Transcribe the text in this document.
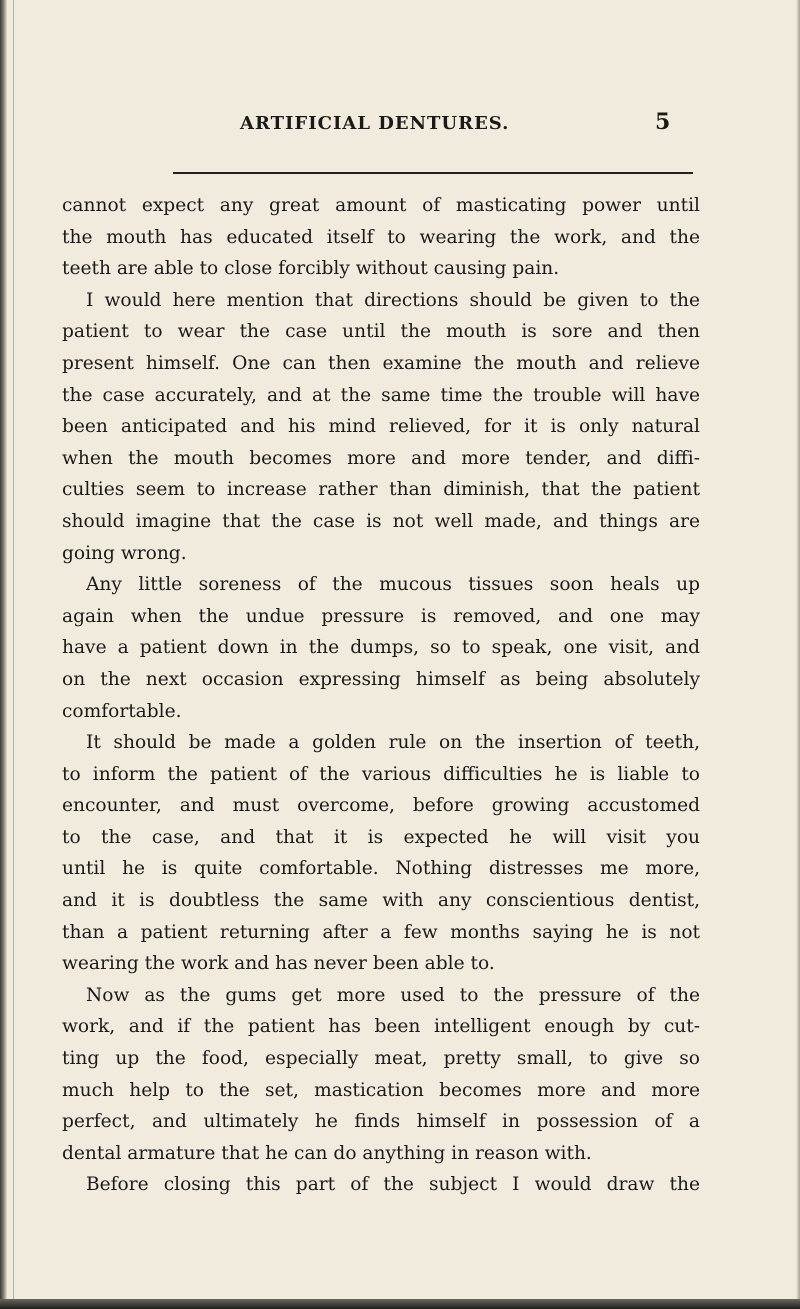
ARTIFICIAL DENTURES.	5
cannot expect any great amount of masticating power until
the mouth has educated itself to wearing the work, and the
teeth are able to close forcibly without causing pain.
I would here mention that directions should be given to the
patient to wear the case until the mouth is sore and then
present himself. One can then examine the mouth and relieve
the case accurately, and at the same time the trouble will have
been anticipated and his mind relieved, for it is only natural
when the mouth becomes more and more tender, and diffi-
culties seem to increase rather than diminish, that the patient
should imagine that the case is not well made, and things are
going wrong.
Any little soreness of the mucous tissues soon heals up
again when the undue pressure is removed, and one may
have a patient down in the dumps, so to speak, one visit, and
on the next occasion expressing himself as being absolutely
comfortable.
It should be made a golden rule on the insertion of teeth,
to inform the patient of the various difficulties he is liable to
encounter, and must overcome, before growing accustomed
to the case, and that it is expected he will visit you
until he is quite comfortable. Nothing distresses me more,
and it is doubtless the same with any conscientious dentist,
than a patient returning after a few months saying he is not
wearing the work and has never been able to.
Now as the gums get more used to the pressure of the
work, and if the patient has been intelligent enough by cut-
ting up the food, especially meat, pretty small, to give so
much help to the set, mastication becomes more and more
perfect, and ultimately he finds himself in possession of a
dental armature that he can do anything in reason with.
Before closing this part of the subject I would draw the
